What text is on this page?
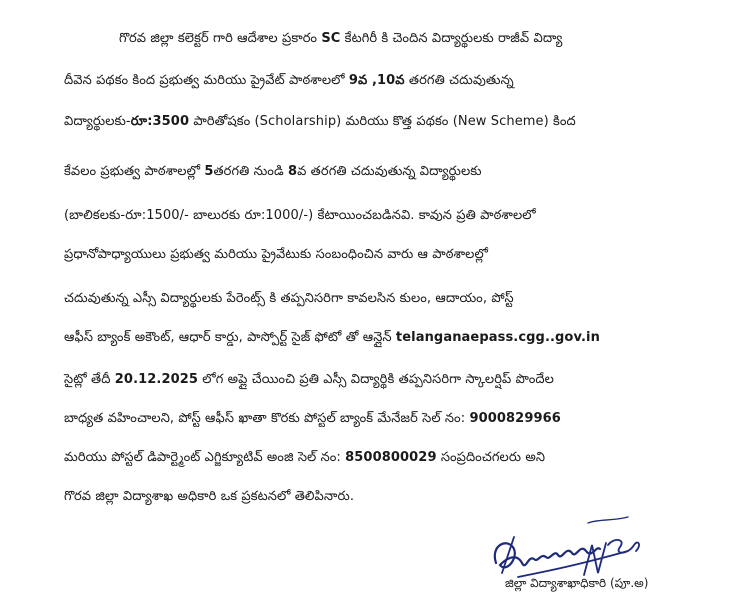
గొరవ జిల్లా కలెక్టర్ గారి ఆదేశాల ప్రకారం SC కేటగిరీ కి చెందిన విద్యార్థులకు రాజీవ్ విద్యా
దీవెన పథకం కింద ప్రభుత్వ మరియు ప్రైవేట్ పాఠశాలలో 9వ ,10వ తరగతి చదువుతున్న
విద్యార్థులకు-రూ:3500 పారితోషకం (Scholarship) మరియు కొత్త పథకం (New Scheme) కింద
కేవలం ప్రభుత్వ పాఠశాలల్లో 5తరగతి నుండి 8వ తరగతి చదువుతున్న విద్యార్థులకు
(బాలికలకు-రూ:1500/- బాలురకు రూ:1000/-) కేటాయించబడినవి. కావున ప్రతి పాఠశాలలో
ప్రధానోపాధ్యాయులు ప్రభుత్వ మరియు ప్రైవేటుకు సంబంధించిన వారు ఆ పాఠశాలల్లో
చదువుతున్న ఎస్సీ విద్యార్థులకు పేరెంట్స్ కి తప్పనిసరిగా కావలసిన కులం, ఆదాయం, పోస్ట్
ఆఫీస్ బ్యాంక్ అకౌంట్, ఆధార్ కార్డు, పాస్పోర్ట్ సైజ్ ఫోటో తో ఆన్లైన్ telanganaepass.cgg..gov.in
సైట్లో తేదీ 20.12.2025 లోగ అప్లై చేయించి ప్రతి ఎస్సీ విద్యార్థికి తప్పనిసరిగా స్కాలర్షిప్ పొందేల
బాధ్యత వహించాలని, పోస్ట్ ఆఫీస్ ఖాతా కొరకు పోస్టల్ బ్యాంక్ మేనేజర్ సెల్ నం: 9000829966
మరియు పోస్టల్ డిపార్ట్మెంట్ ఎగ్జిక్యూటివ్ అంజి సెల్ నం: 8500800029 సంప్రదించగలరు అని
గొరవ జిల్లా విద్యాశాఖ అధికారి ఒక ప్రకటనలో తెలిపినారు.
జిల్లా విద్యాశాఖాధికారి (పూ.అ)
